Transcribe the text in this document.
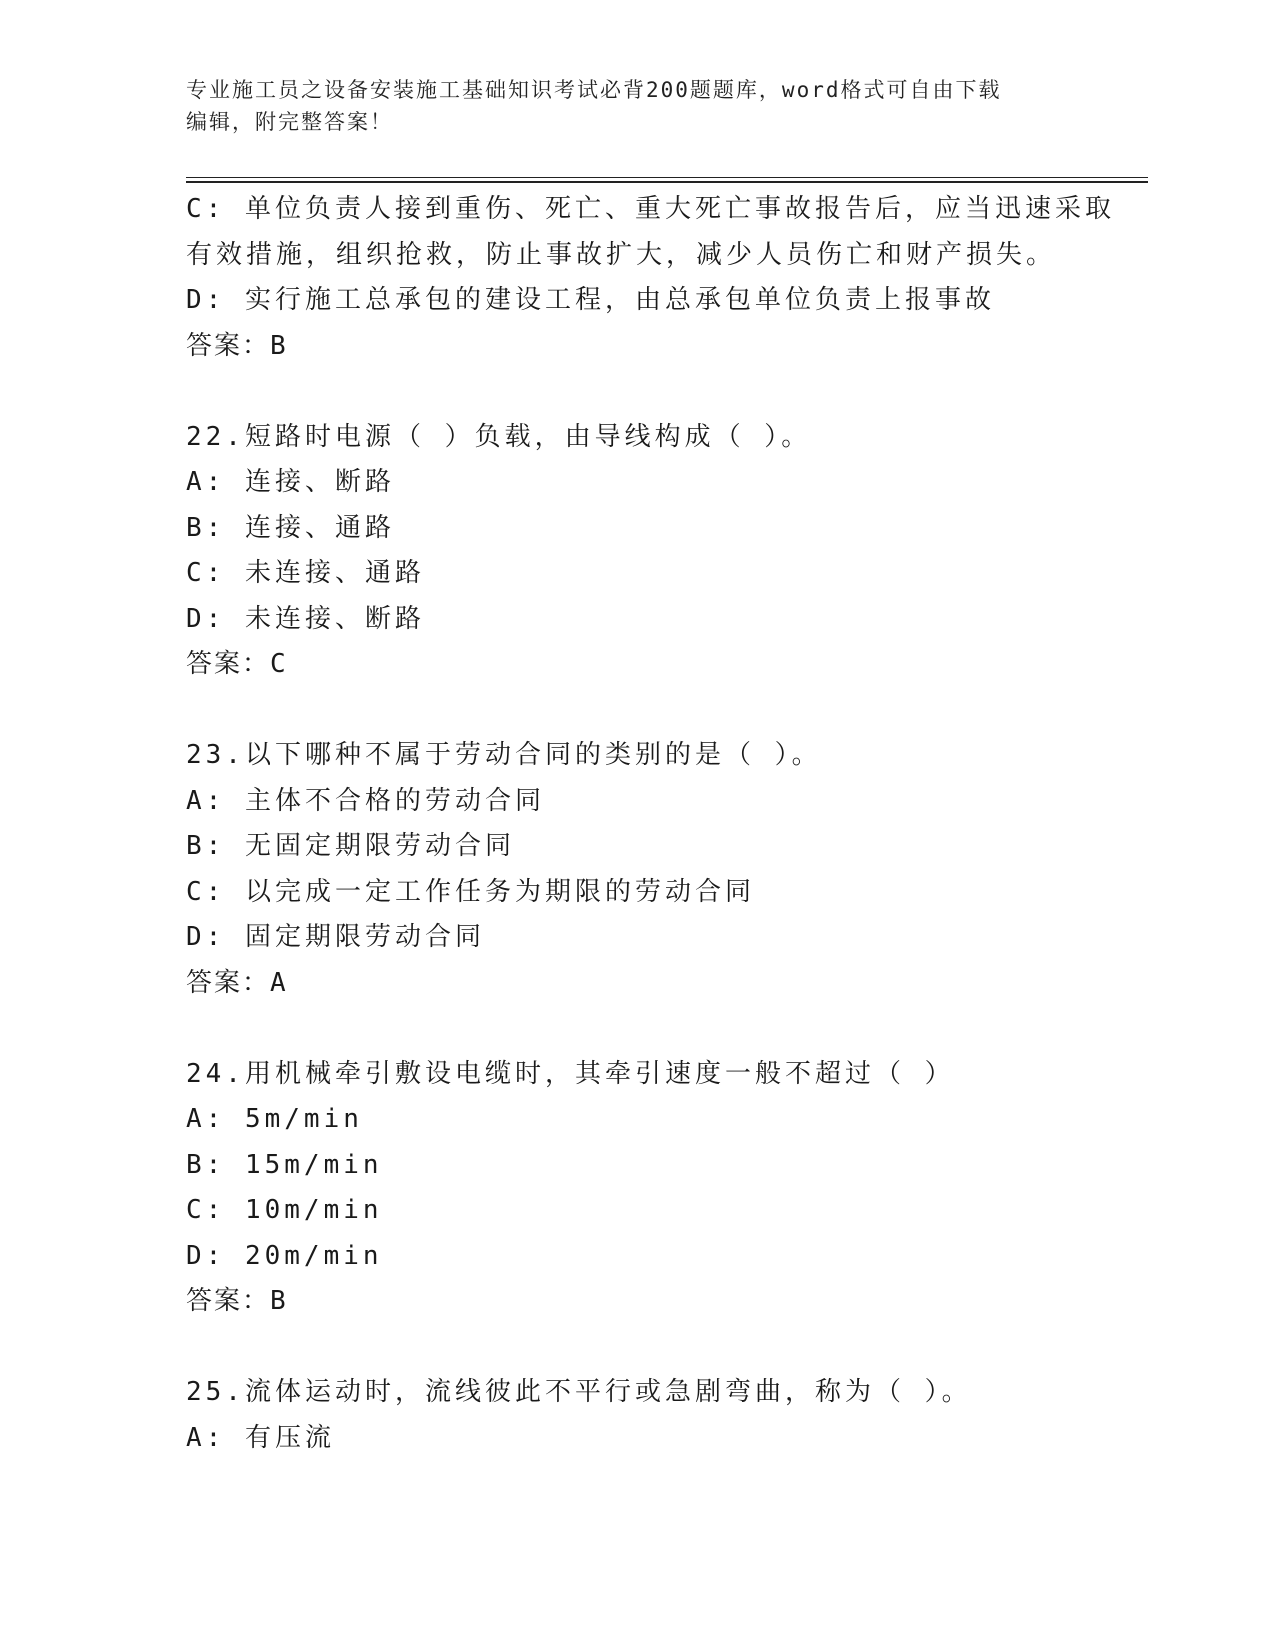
专业施工员之设备安装施工基础知识考试必背200题题库，word格式可自由下载
编辑，附完整答案！
C: 单位负责人接到重伤、死亡、重大死亡事故报告后，应当迅速采取
有效措施，组织抢救，防止事故扩大，减少人员伤亡和财产损失。
D: 实行施工总承包的建设工程，由总承包单位负责上报事故
答案：B
22.短路时电源（ ）负载，由导线构成（ ）。
A: 连接、断路
B: 连接、通路
C: 未连接、通路
D: 未连接、断路
答案：C
23.以下哪种不属于劳动合同的类别的是（ ）。
A: 主体不合格的劳动合同
B: 无固定期限劳动合同
C: 以完成一定工作任务为期限的劳动合同
D: 固定期限劳动合同
答案：A
24.用机械牵引敷设电缆时，其牵引速度一般不超过（ ）
A: 5m/min
B: 15m/min
C: 10m/min
D: 20m/min
答案：B
25.流体运动时，流线彼此不平行或急剧弯曲，称为（ ）。
A: 有压流
